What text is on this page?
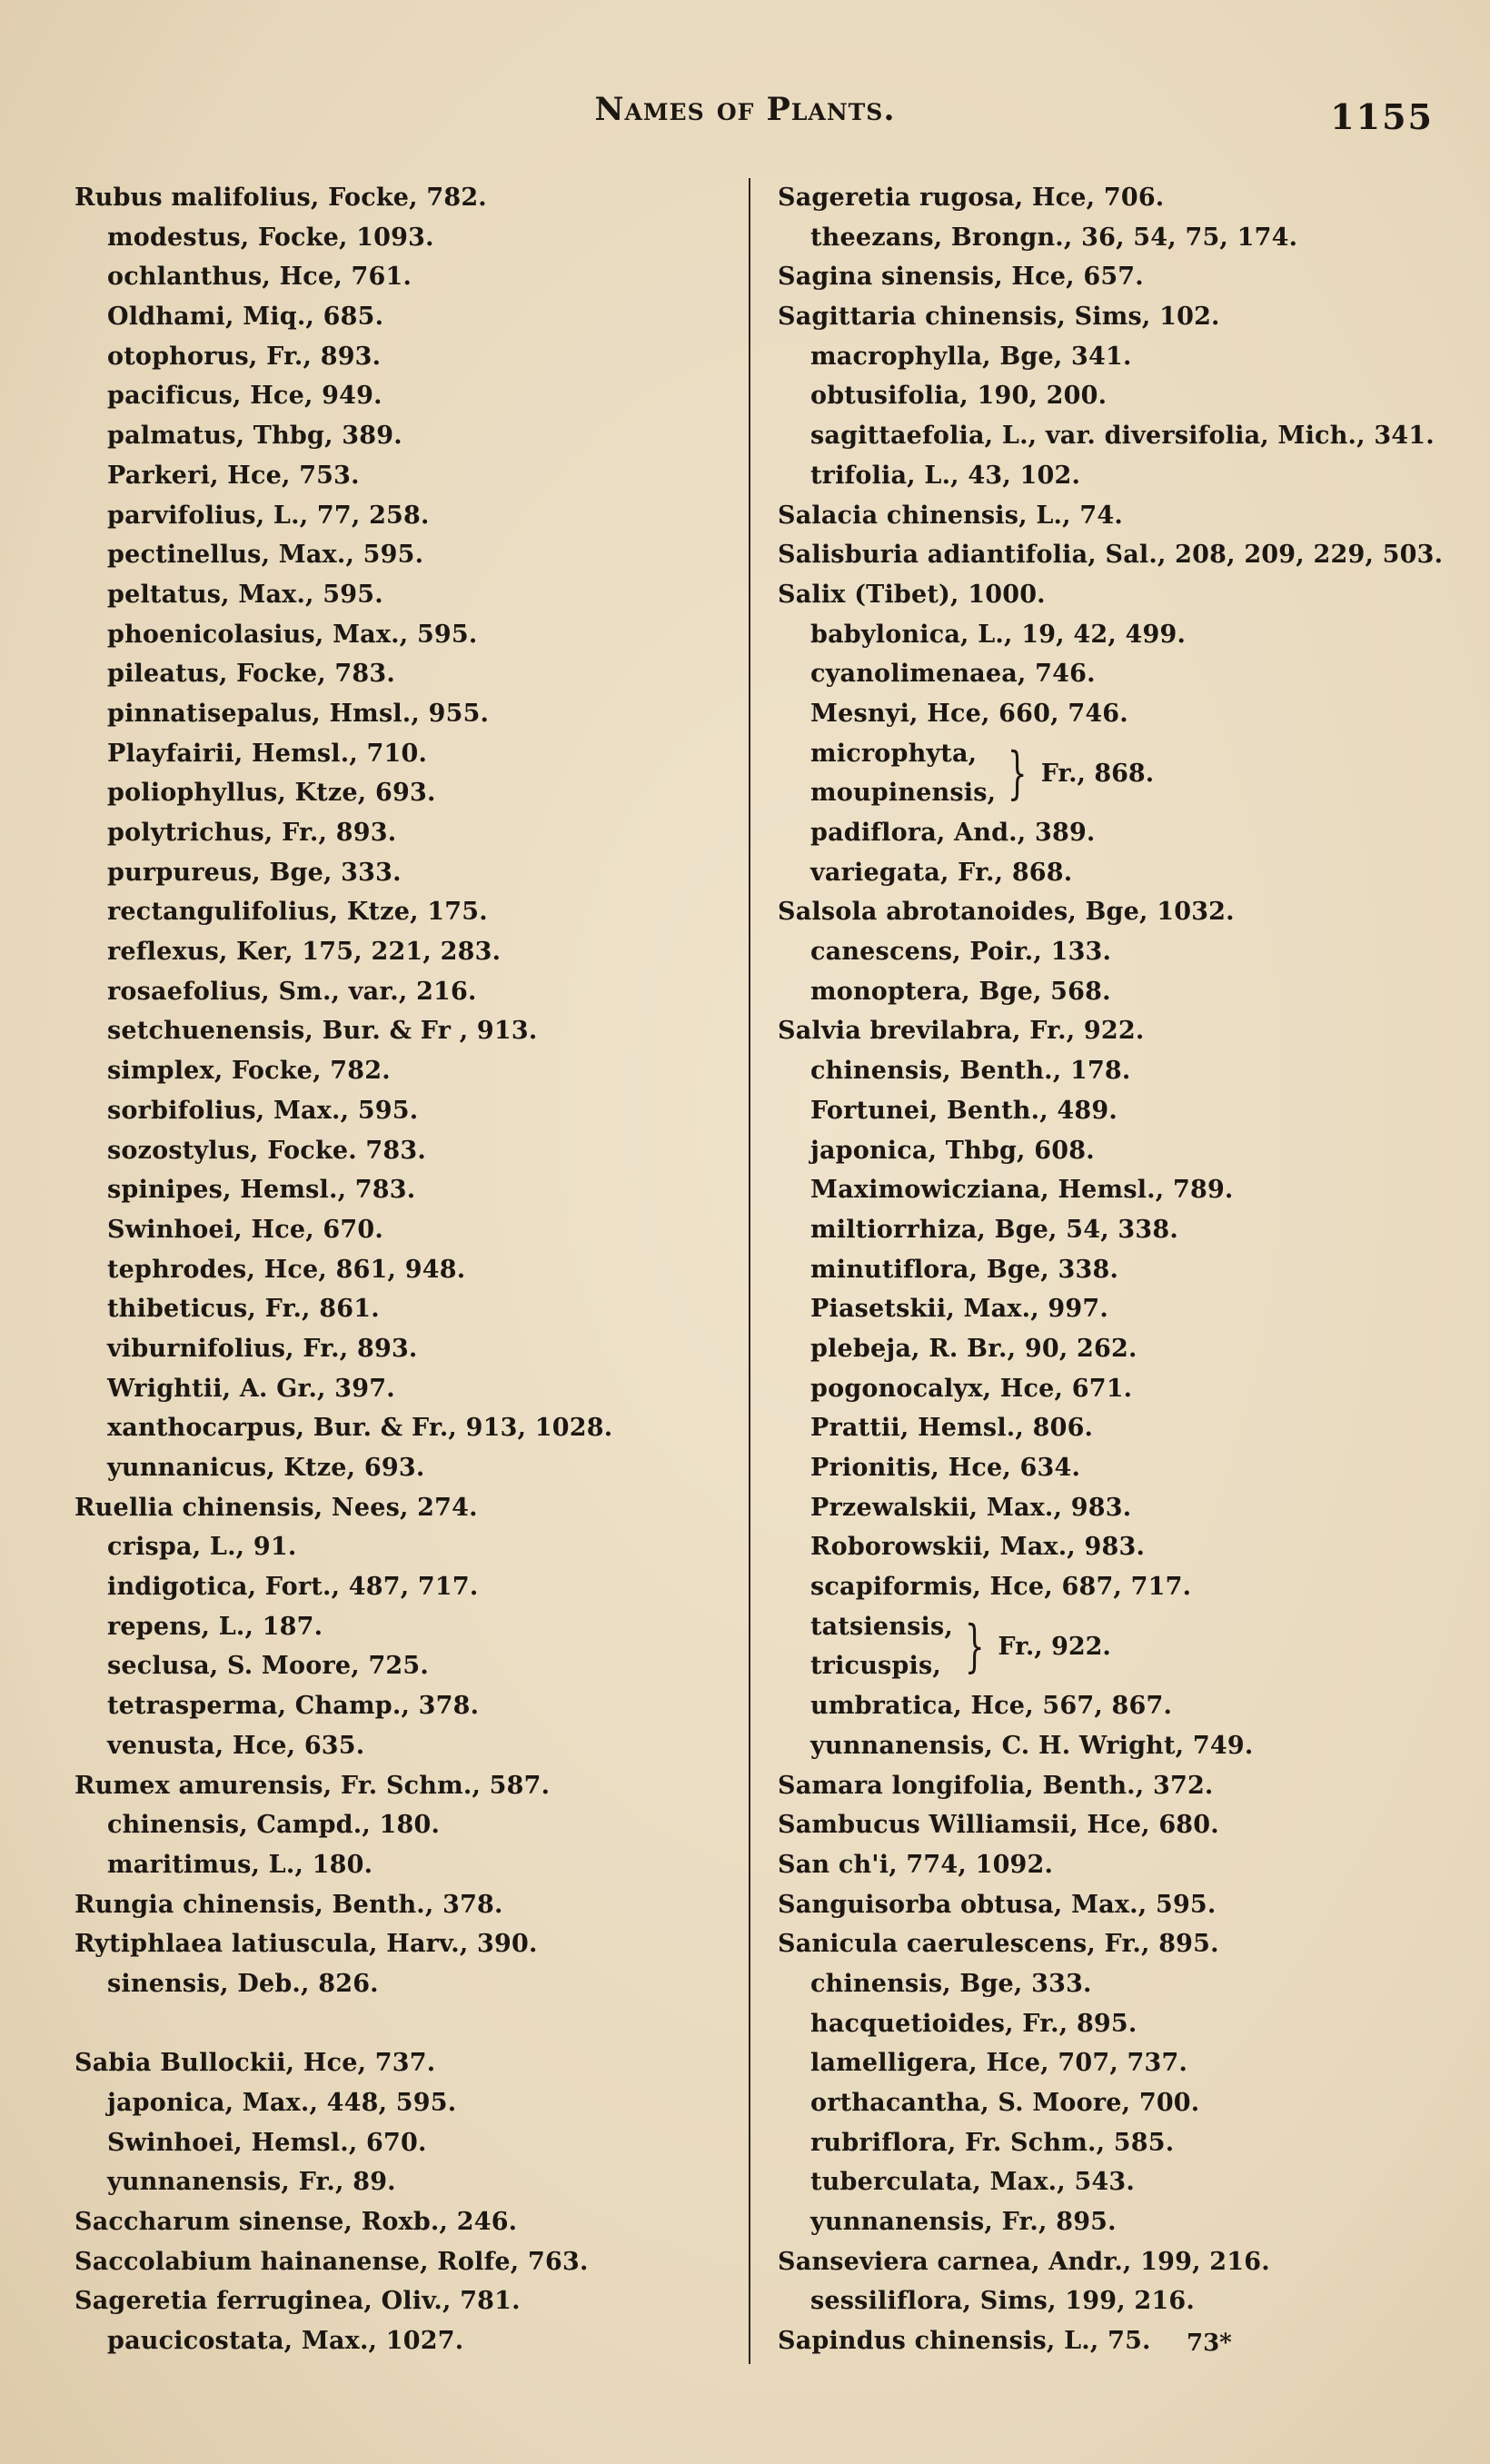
Names of Plants.	1155
Rubus malifolius, Focke, 782.
modestus, Focke, 1093.
ochlanthus, Hce, 761.
Oldhami, Miq., 685.
otophorus, Fr., 893.
pacificus, Hce, 949.
palmatus, Thbg, 389.
Parkeri, Hce, 753.
parvifolius, L., 77, 258.
pectinellus, Max., 595.
peltatus, Max., 595.
phoenicolasius, Max., 595.
pileatus, Focke, 783.
pinnatisepalus, Hmsl., 955.
Playfairii, Hemsl., 710.
poliophyllus, Ktze, 693.
polytrichus, Fr., 893.
purpureus, Bge, 333.
rectangulifolius, Ktze, 175.
reflexus, Ker, 175, 221, 283.
rosaefolius, Sm., var., 216.
setchuenensis, Bur. & Fr , 913.
simplex, Focke, 782.
sorbifolius, Max., 595.
sozostylus, Focke. 783.
spinipes, Hemsl., 783.
Swinhoei, Hce, 670.
tephrodes, Hce, 861, 948.
thibeticus, Fr., 861.
viburnifolius, Fr., 893.
Wrightii, A. Gr., 397.
xanthocarpus, Bur. & Fr., 913, 1028.
yunnanicus, Ktze, 693.
Ruellia chinensis, Nees, 274.
crispa, L., 91.
indigotica, Fort., 487, 717.
repens, L., 187.
seclusa, S. Moore, 725.
tetrasperma, Champ., 378.
venusta, Hce, 635.
Rumex amurensis, Fr. Schm., 587.
chinensis, Campd., 180.
maritimus, L., 180.
Rungia chinensis, Benth., 378.
Rytiphlaea latiuscula, Harv., 390.
sinensis, Deb., 826.
Sabia Bullockii, Hce, 737.
japonica, Max., 448, 595.
Swinhoei, Hemsl., 670.
yunnanensis, Fr., 89.
Saccharum sinense, Roxb., 246.
Saccolabium hainanense, Rolfe, 763.
Sageretia ferruginea, Oliv., 781.
paucicostata, Max., 1027.
Sageretia rugosa, Hce, 706.
theezans, Brongn., 36, 54, 75, 174.
Sagina sinensis, Hce, 657.
Sagittaria chinensis, Sims, 102.
macrophylla, Bge, 341.
obtusifolia, 190, 200.
sagittaefolia, L., var. diversifolia, Mich., 341.
trifolia, L., 43, 102.
Salacia chinensis, L., 74.
Salisburia adiantifolia, Sal., 208, 209, 229, 503.
Salix (Tibet), 1000.
babylonica, L., 19, 42, 499.
cyanolimenaea, 746.
Mesnyi, Hce, 660, 746.
microphyta,
moupinensis, } Fr., 868.
padiflora, And., 389.
variegata, Fr., 868.
Salsola abrotanoides, Bge, 1032.
canescens, Poir., 133.
monoptera, Bge, 568.
Salvia brevilabra, Fr., 922.
chinensis, Benth., 178.
Fortunei, Benth., 489.
japonica, Thbg, 608.
Maximowicziana, Hemsl., 789.
miltiorrhiza, Bge, 54, 338.
minutiflora, Bge, 338.
Piasetskii, Max., 997.
plebeja, R. Br., 90, 262.
pogonocalyx, Hce, 671.
Prattii, Hemsl., 806.
Prionitis, Hce, 634.
Przewalskii, Max., 983.
Roborowskii, Max., 983.
scapiformis, Hce, 687, 717.
tatsiensis,
tricuspis, } Fr., 922.
umbratica, Hce, 567, 867.
yunnanensis, C. H. Wright, 749.
Samara longifolia, Benth., 372.
Sambucus Williamsii, Hce, 680.
San ch'i, 774, 1092.
Sanguisorba obtusa, Max., 595.
Sanicula caerulescens, Fr., 895.
chinensis, Bge, 333.
hacquetioides, Fr., 895.
lamelligera, Hce, 707, 737.
orthacantha, S. Moore, 700.
rubriflora, Fr. Schm., 585.
tuberculata, Max., 543.
yunnanensis, Fr., 895.
Sanseviera carnea, Andr., 199, 216.
sessiliflora, Sims, 199, 216.
Sapindus chinensis, L., 75.	73*
